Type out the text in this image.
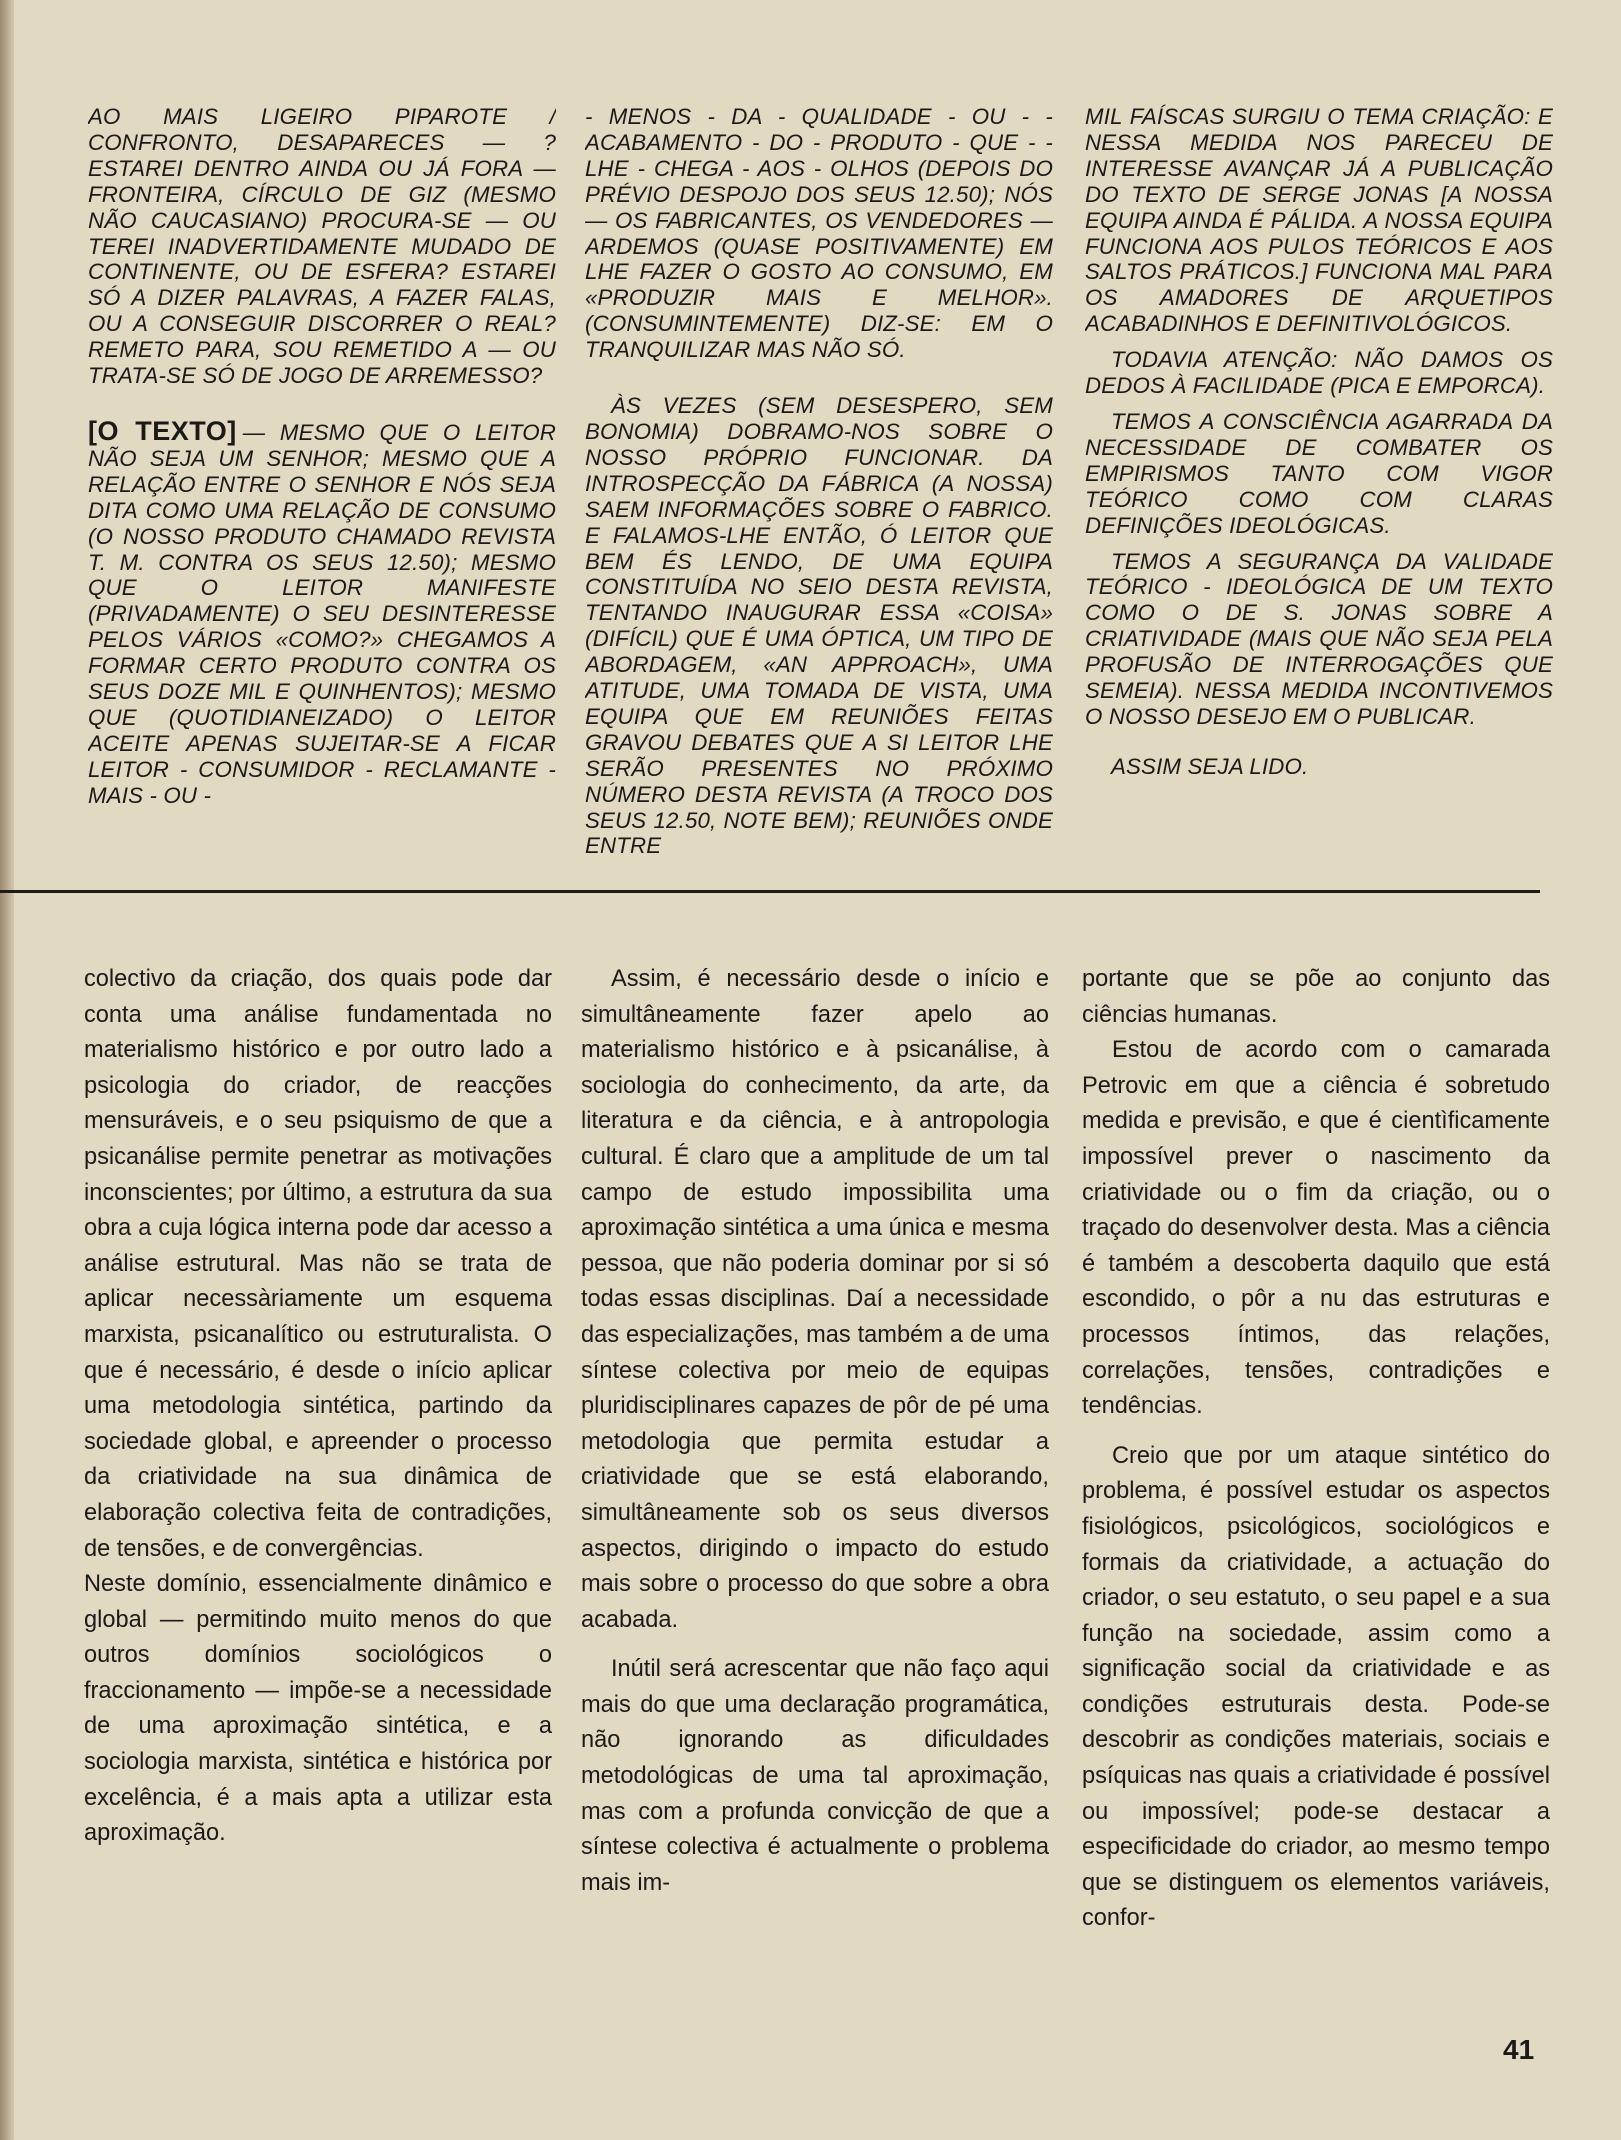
AO MAIS LIGEIRO PIPAROTE / CONFRONTO, DESAPARECES — ? ESTAREI DENTRO AINDA OU JÁ FORA — FRONTEIRA, CÍRCULO DE GIZ (MESMO NÃO CAUCASIANO) PROCURA-SE — OU TEREI INADVERTIDAMENTE MUDADO DE CONTINENTE, OU DE ESFERA? ESTAREI SÓ A DIZER PALAVRAS, A FAZER FALAS, OU A CONSEGUIR DISCORRER O REAL? REMETO PARA, SOU REMETIDO A — OU TRATA-SE SÓ DE JOGO DE ARREMESSO?

[O TEXTO] — MESMO QUE O LEITOR NÃO SEJA UM SENHOR; MESMO QUE A RELAÇÃO ENTRE O SENHOR E NÓS SEJA DITA COMO UMA RELAÇÃO DE CONSUMO (O NOSSO PRODUTO CHAMADO REVISTA T. M. CONTRA OS SEUS 12.50); MESMO QUE O LEITOR MANIFESTE (PRIVADAMENTE) O SEU DESINTERESSE PELOS VÁRIOS «COMO?» CHEGAMOS A FORMAR CERTO PRODUTO CONTRA OS SEUS DOZE MIL E QUINHENTOS); MESMO QUE (QUOTIDIANEIZADO) O LEITOR ACEITE APENAS SUJEITAR-SE A FICAR LEITOR - CONSUMIDOR - RECLAMANTE - MAIS - OU -

- MENOS - DA - QUALIDADE - OU - - ACABAMENTO - DO - PRODUTO - QUE - - LHE - CHEGA - AOS - OLHOS (DEPOIS DO PRÉVIO DESPOJO DOS SEUS 12.50); NÓS — OS FABRICANTES, OS VENDEDORES — ARDEMOS (QUASE POSITIVAMENTE) EM LHE FAZER O GOSTO AO CONSUMO, EM «PRODUZIR MAIS E MELHOR». (CONSUMINTEMENTE) DIZ-SE: EM O TRANQUILIZAR MAS NÃO SÓ.

ÀS VEZES (SEM DESESPERO, SEM BONOMIA) DOBRAMO-NOS SOBRE O NOSSO PRÓPRIO FUNCIONAR. DA INTROSPECÇÃO DA FÁBRICA (A NOSSA) SAEM INFORMAÇÕES SOBRE O FABRICO. E FALAMOS-LHE ENTÃO, Ó LEITOR QUE BEM ÉS LENDO, DE UMA EQUIPA CONSTITUÍDA NO SEIO DESTA REVISTA, TENTANDO INAUGURAR ESSA «COISA» (DIFÍCIL) QUE É UMA ÓPTICA, UM TIPO DE ABORDAGEM, «AN APPROACH», UMA ATITUDE, UMA TOMADA DE VISTA, UMA EQUIPA QUE EM REUNIÕES FEITAS GRAVOU DEBATES QUE A SI LEITOR LHE SERÃO PRESENTES NO PRÓXIMO NÚMERO DESTA REVISTA (A TROCO DOS SEUS 12.50, NOTE BEM); REUNIÕES ONDE ENTRE

MIL FAÍSCAS SURGIU O TEMA CRIAÇÃO: E NESSA MEDIDA NOS PARECEU DE INTERESSE AVANÇAR JÁ A PUBLICAÇÃO DO TEXTO DE SERGE JONAS [A NOSSA EQUIPA AINDA É PÁLIDA. A NOSSA EQUIPA FUNCIONA AOS PULOS TEÓRICOS E AOS SALTOS PRÁTICOS.] FUNCIONA MAL PARA OS AMADORES DE ARQUETIPOS ACABADINHOS E DEFINITIVOLÓGICOS.

TODAVIA ATENÇÃO: NÃO DAMOS OS DEDOS À FACILIDADE (PICA E EMPORCA).

TEMOS A CONSCIÊNCIA AGARRADA DA NECESSIDADE DE COMBATER OS EMPIRISMOS TANTO COM VIGOR TEÓRICO COMO COM CLARAS DEFINIÇÕES IDEOLÓGICAS.

TEMOS A SEGURANÇA DA VALIDADE TEÓRICO - IDEOLÓGICA DE UM TEXTO COMO O DE S. JONAS SOBRE A CRIATIVIDADE (MAIS QUE NÃO SEJA PELA PROFUSÃO DE INTERROGAÇÕES QUE SEMEIA). NESSA MEDIDA INCONTIVEMOS O NOSSO DESEJO EM O PUBLICAR.

ASSIM SEJA LIDO.

colectivo da criação, dos quais pode dar conta uma análise fundamentada no materialismo histórico e por outro lado a psicologia do criador, de reacções mensuráveis, e o seu psiquismo de que a psicanálise permite penetrar as motivações inconscientes; por último, a estrutura da sua obra a cuja lógica interna pode dar acesso a análise estrutural. Mas não se trata de aplicar necessàriamente um esquema marxista, psicanalítico ou estruturalista. O que é necessário, é desde o início aplicar uma metodologia sintética, partindo da sociedade global, e apreender o processo da criatividade na sua dinâmica de elaboração colectiva feita de contradições, de tensões, e de convergências.

Neste domínio, essencialmente dinâmico e global — permitindo muito menos do que outros domínios sociológicos o fraccionamento — impõe-se a necessidade de uma aproximação sintética, e a sociologia marxista, sintética e histórica por excelência, é a mais apta a utilizar esta aproximação.

Assim, é necessário desde o início e simultâneamente fazer apelo ao materialismo histórico e à psicanálise, à sociologia do conhecimento, da arte, da literatura e da ciência, e à antropologia cultural. É claro que a amplitude de um tal campo de estudo impossibilita uma aproximação sintética a uma única e mesma pessoa, que não poderia dominar por si só todas essas disciplinas. Daí a necessidade das especializações, mas também a de uma síntese colectiva por meio de equipas pluridisciplinares capazes de pôr de pé uma metodologia que permita estudar a criatividade que se está elaborando, simultâneamente sob os seus diversos aspectos, dirigindo o impacto do estudo mais sobre o processo do que sobre a obra acabada.

Inútil será acrescentar que não faço aqui mais do que uma declaração programática, não ignorando as dificuldades metodológicas de uma tal aproximação, mas com a profunda convicção de que a síntese colectiva é actualmente o problema mais im-

portante que se põe ao conjunto das ciências humanas.

Estou de acordo com o camarada Petrovic em que a ciência é sobretudo medida e previsão, e que é cientìficamente impossível prever o nascimento da criatividade ou o fim da criação, ou o traçado do desenvolver desta. Mas a ciência é também a descoberta daquilo que está escondido, o pôr a nu das estruturas e processos íntimos, das relações, correlações, tensões, contradições e tendências.

Creio que por um ataque sintético do problema, é possível estudar os aspectos fisiológicos, psicológicos, sociológicos e formais da criatividade, a actuação do criador, o seu estatuto, o seu papel e a sua função na sociedade, assim como a significação social da criatividade e as condições estruturais desta. Pode-se descobrir as condições materiais, sociais e psíquicas nas quais a criatividade é possível ou impossível; pode-se destacar a especificidade do criador, ao mesmo tempo que se distinguem os elementos variáveis, confor-

41
